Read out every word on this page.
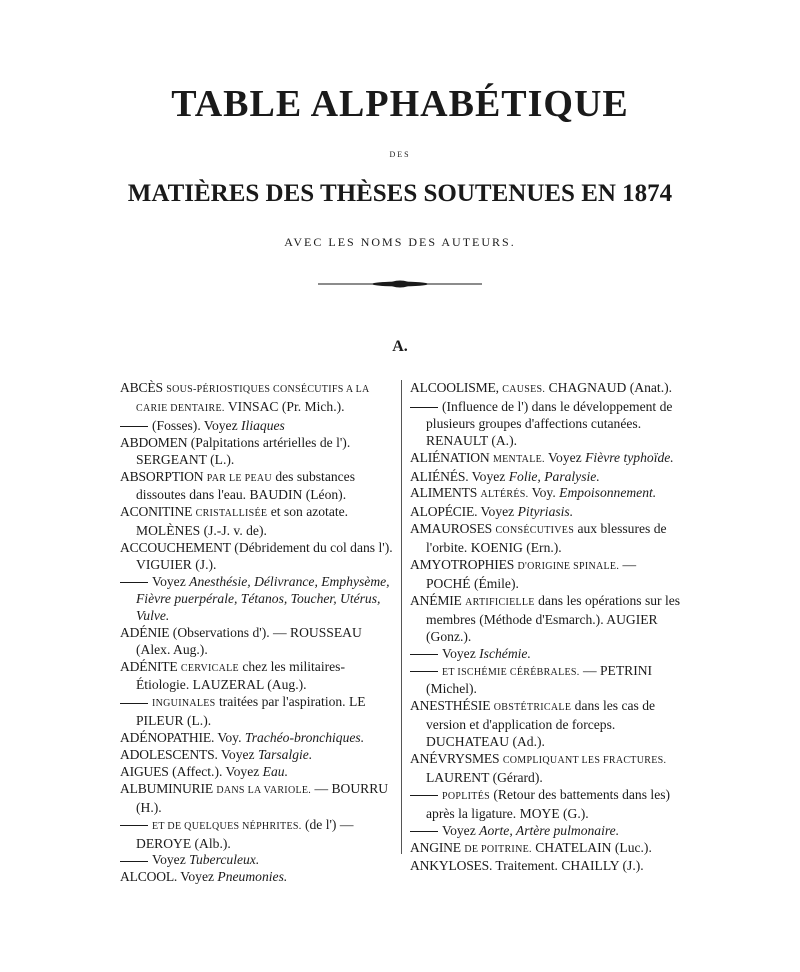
TABLE ALPHABÉTIQUE
DES
MATIÈRES DES THÈSES SOUTENUES EN 1874
AVEC LES NOMS DES AUTEURS.
A.

ABCÈS SOUS-PÉRIOSTIQUES CONSÉCUTIFS A LA CARIE DENTAIRE. VINSAC (Pr. Mich.).

(Fosses). Voyez Iliaques

ABDOMEN (Palpitations artérielles de l'). SERGEANT (L.).

ABSORPTION PAR LE PEAU des substances dissoutes dans l'eau. BAUDIN (Léon).

ACONITINE CRISTALLISÉE et son azotate. MOLÈNES (J.-J. v. de).

ACCOUCHEMENT (Débridement du col dans l'). VIGUIER (J.).

Voyez Anesthésie, Délivrance, Emphysème, Fièvre puerpérale, Tétanos, Toucher, Utérus, Vulve.

ADÉNIE (Observations d'). — ROUSSEAU (Alex. Aug.).

ADÉNITE CERVICALE chez les militaires-Étiologie. LAUZERAL (Aug.).

INGUINALES traitées par l'aspiration. LE PILEUR (L.).

ADÉNOPATHIE. Voy. Trachéo-bronchiques.

ADOLESCENTS. Voyez Tarsalgie.

AIGUES (Affect.). Voyez Eau.

ALBUMINURIE DANS LA VARIOLE. — BOURRU (H.).

ET DE QUELQUES NÉPHRITES. (de l') — DEROYE (Alb.).

Voyez Tuberculeux.

ALCOOL. Voyez Pneumonies.

ALCOOLISME, CAUSES. CHAGNAUD (Anat.).

(Influence de l') dans le développement de plusieurs groupes d'affections cutanées. RENAULT (A.).

ALIÉNATION MENTALE. Voyez Fièvre typhoïde.

ALIÉNÉS. Voyez Folie, Paralysie.

ALIMENTS ALTÉRÉS. Voy. Empoisonnement.

ALOPÉCIE. Voyez Pityriasis.

AMAUROSES CONSÉCUTIVES aux blessures de l'orbite. KOENIG (Ern.).

AMYOTROPHIES D'ORIGINE SPINALE. — POCHÉ (Émile).

ANÉMIE ARTIFICIELLE dans les opérations sur les membres (Méthode d'Esmarch.). AUGIER (Gonz.).

Voyez Ischémie.

ET ISCHÉMIE CÉRÉBRALES. — PETRINI (Michel).

ANESTHÉSIE OBSTÉTRICALE dans les cas de version et d'application de forceps. DUCHATEAU (Ad.).

ANÉVRYSMES COMPLIQUANT LES FRACTURES. LAURENT (Gérard).

POPLITÉS (Retour des battements dans les) après la ligature. MOYE (G.).

Voyez Aorte, Artère pulmonaire.

ANGINE DE POITRINE. CHATELAIN (Luc.).

ANKYLOSES. Traitement. CHAILLY (J.).
